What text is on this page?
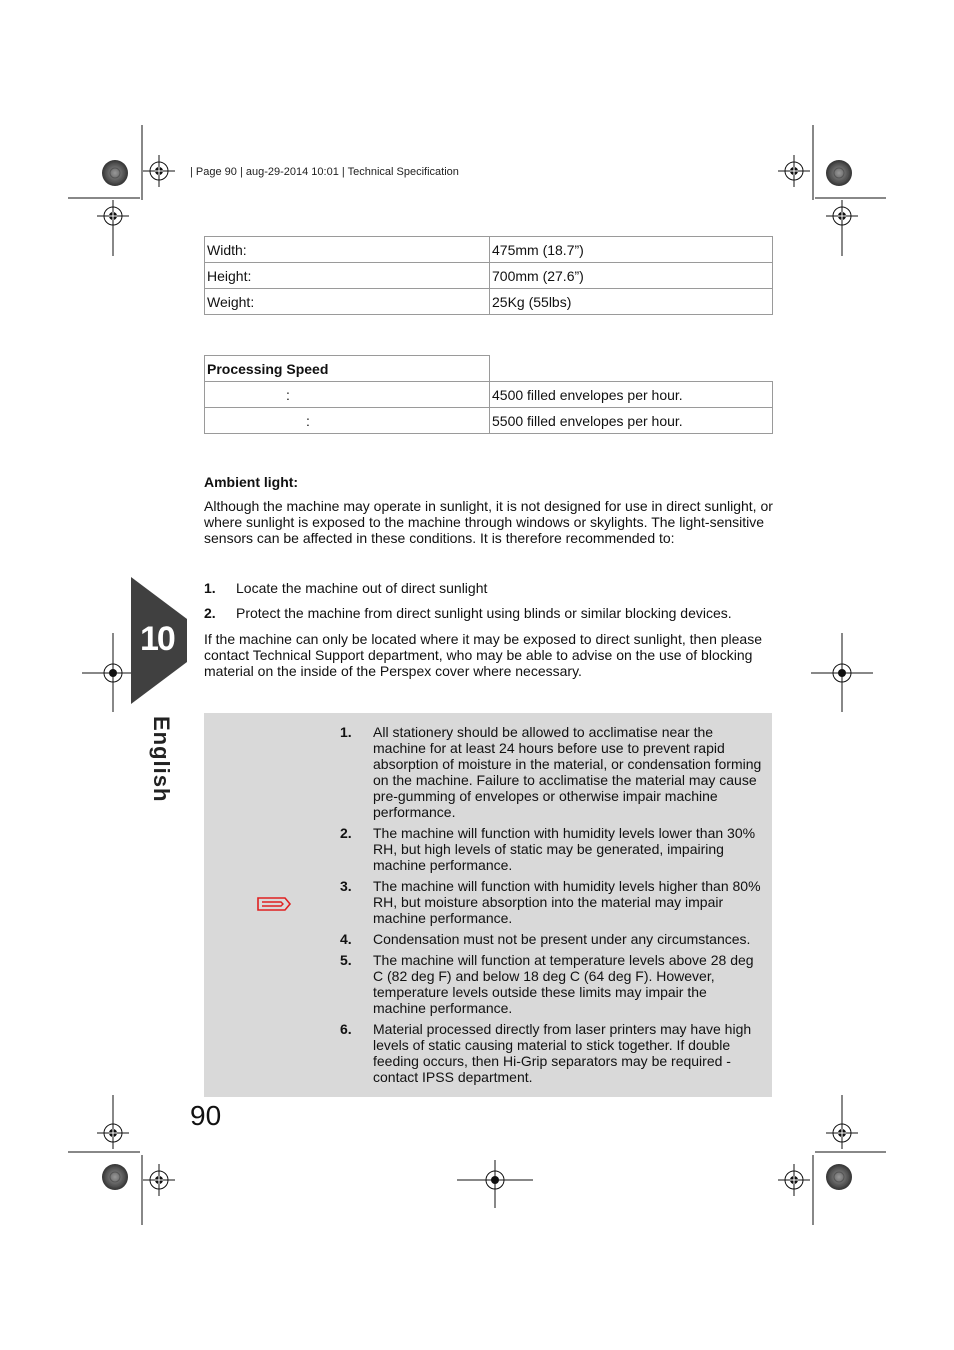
| Page 90 | aug-29-2014 10:01 | Technical Specification
Width:	475mm (18.7”)
Height:	700mm (27.6”)
Weight:	25Kg (55lbs)
Processing Speed	
:	4500 filled envelopes per hour.
:	5500 filled envelopes per hour.
Ambient light:
Although the machine may operate in sunlight, it is not designed for use in direct sunlight, or where sunlight is exposed to the machine through windows or skylights. The light-sensitive sensors can be affected in these conditions. It is therefore recommended to:
1. Locate the machine out of direct sunlight
2. Protect the machine from direct sunlight using blinds or similar blocking devices.
If the machine can only be located where it may be exposed to direct sunlight, then please contact Technical Support department, who may be able to advise on the use of blocking material on the inside of the Perspex cover where necessary.
10
English	1.	All stationery should be allowed to acclimatise near the machine for at least 24 hours before use to prevent rapid absorption of moisture in the material, or condensation forming on the machine. Failure to acclimatise the material may cause pre-gumming of envelopes or otherwise impair machine performance.
2.	The machine will function with humidity levels lower than 30% RH, but high levels of static may be generated, impairing machine performance.
3.	The machine will function with humidity levels higher than 80% RH, but moisture absorption into the material may impair machine performance.
4.	Condensation must not be present under any circumstances.
5.	The machine will function at temperature levels above 28 deg C (82 deg F) and below 18 deg C (64 deg F). However, temperature levels outside these limits may impair the machine performance.
6.	Material processed directly from laser printers may have high levels of static causing material to stick together. If double feeding occurs, then Hi-Grip separators may be required - contact IPSS department.
90
